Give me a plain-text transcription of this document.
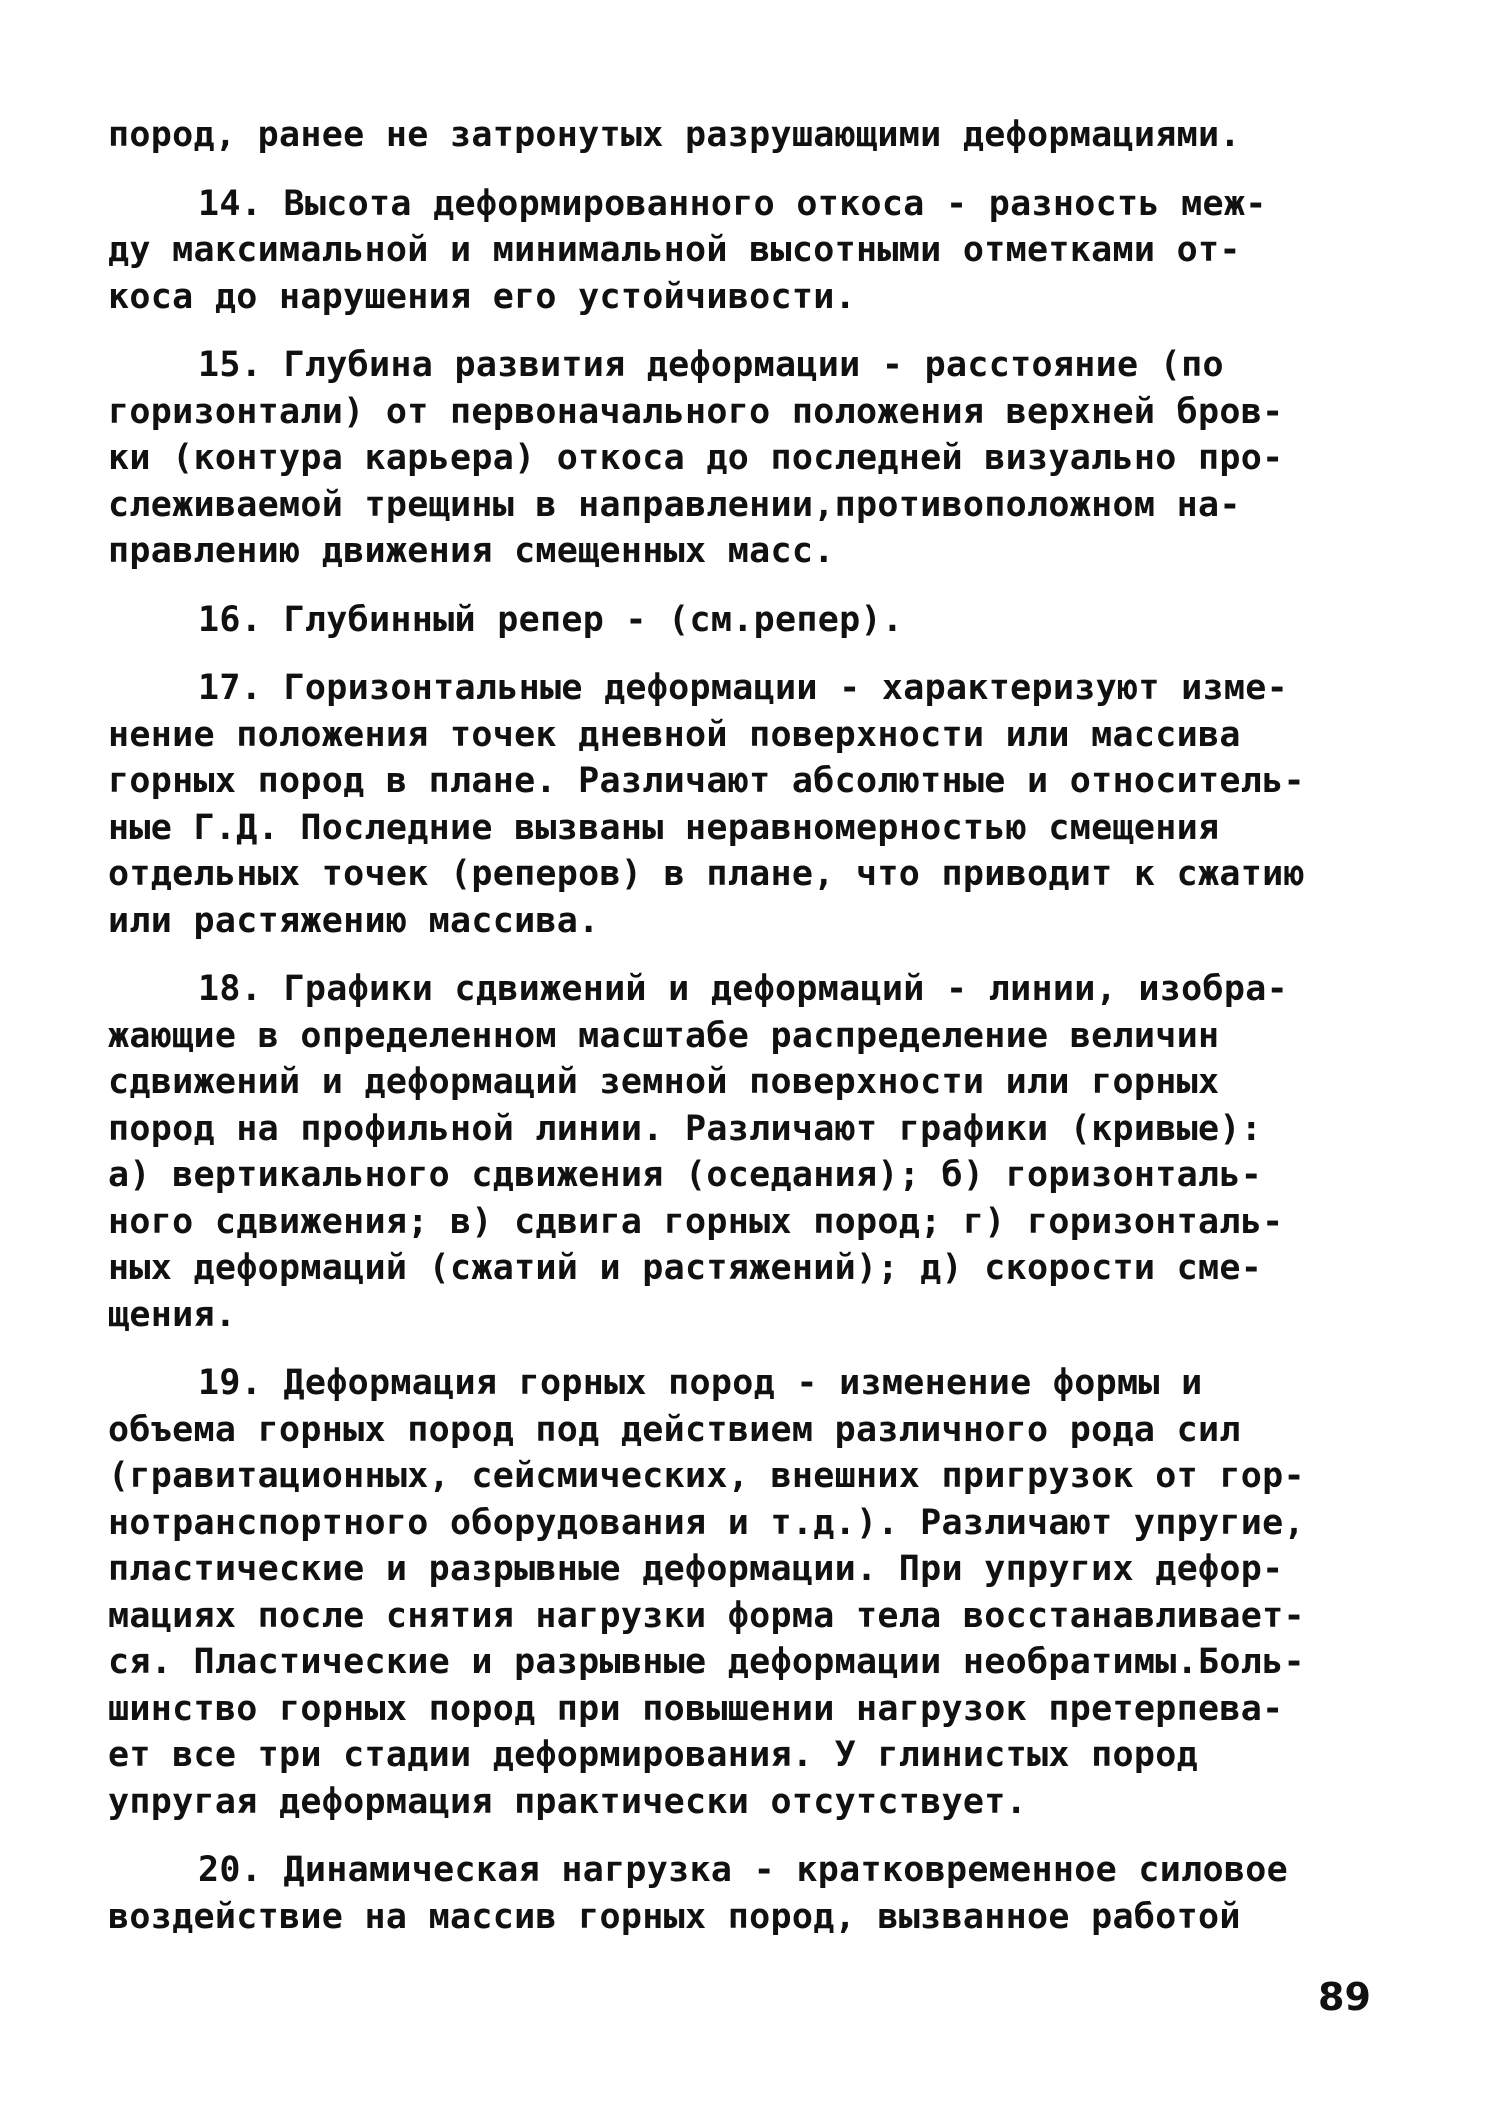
пород, ранее не затронутых разрушающими деформациями.

14. Высота деформированного откоса - разность меж-
ду максимальной и минимальной высотными отметками от-
коса до нарушения его устойчивости.

15. Глубина развития деформации - расстояние (по
горизонтали) от первоначального положения верхней бров-
ки (контура карьера) откоса до последней визуально про-
слеживаемой трещины в направлении,противоположном на-
правлению движения смещенных масс.

16. Глубинный репер - (см.репер).

17. Горизонтальные деформации - характеризуют изме-
нение положения точек дневной поверхности или массива
горных пород в плане. Различают абсолютные и относитель-
ные Г.Д. Последние вызваны неравномерностью смещения
отдельных точек (реперов) в плане, что приводит к сжатию
или растяжению массива.

18. Графики сдвижений и деформаций - линии, изобра-
жающие в определенном масштабе распределение величин
сдвижений и деформаций земной поверхности или горных
пород на профильной линии. Различают графики (кривые):
а) вертикального сдвижения (оседания); б) горизонталь-
ного сдвижения; в) сдвига горных пород; г) горизонталь-
ных деформаций (сжатий и растяжений); д) скорости сме-
щения.

19. Деформация горных пород - изменение формы и
объема горных пород под действием различного рода сил
(гравитационных, сейсмических, внешних пригрузок от гор-
нотранспортного оборудования и т.д.). Различают упругие,
пластические и разрывные деформации. При упругих дефор-
мациях после снятия нагрузки форма тела восстанавливает-
ся. Пластические и разрывные деформации необратимы.Боль-
шинство горных пород при повышении нагрузок претерпева-
ет все три стадии деформирования. У глинистых пород
упругая деформация практически отсутствует.

20. Динамическая нагрузка - кратковременное силовое
воздействие на массив горных пород, вызванное работой

89
